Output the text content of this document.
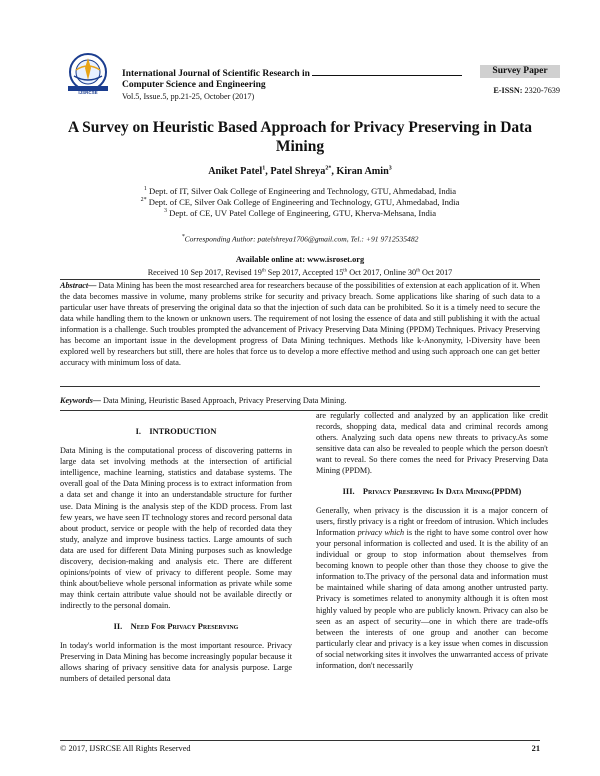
IJSRCSE
International Journal of Scientific Research in
Computer Science and Engineering
Vol.5, Issue.5, pp.21-25, October (2017)
Survey Paper
E-ISSN: 2320-7639
A Survey on Heuristic Based Approach for Privacy Preserving in Data
Mining
Aniket Patel$^1$, Patel Shreya$^{2*}$, Kiran Amin$^3$
$^1$ Dept. of IT, Silver Oak College of Engineering and Technology, GTU, Ahmedabad, India
$^{2*}$ Dept. of CE, Silver Oak College of Engineering and Technology, GTU, Ahmedabad, India
$^3$ Dept. of CE, UV Patel College of Engineering, GTU, Kherva-Mehsana, India
*Corresponding Author: patelshreya1706@gmail.com, Tel.: +91 9712535482
Available online at: www.isroset.org
Received 10 Sep 2017, Revised 19th Sep 2017, Accepted 15th Oct 2017, Online 30th Oct 2017
Abstract— Data Mining has been the most researched area for researchers because of the possibilities of extension at each application of it. When the data becomes massive in volume, many problems strike for security and privacy breach. Some applications like sharing of such data to a particular user have threats of preserving the original data so that the injection of such data can be prohibited. So it is a timely need to secure the data while handling them to the known or unknown users. The requirement of not losing the essence of data and still publishing it with the actual information is a challenge. Such troubles prompted the advancement of Privacy Preserving Data Mining (PPDM) Techniques. Privacy Preserving has become an important issue in the development progress of Data Mining techniques. Methods like k-Anonymity, l-Diversity have been explored well by researchers but still, there are holes that force us to develop a more effective method and using such approach one can get better accuracy with minimum loss of data.
Keywords— Data Mining, Heuristic Based Approach, Privacy Preserving Data Mining.
I. INTRODUCTION
Data Mining is the computational process of discovering patterns in large data set involving methods at the intersection of artificial intelligence, machine learning, statistics and database systems. The overall goal of the Data Mining process is to extract information from a data set and change it into an understandable structure for further use. Data Mining is the analysis step of the KDD process. From last few years, we have seen IT technology stores and record personal data about product, service or people with the help of recorded data they study, analyze and improve business tactics. Large amounts of such data are used for different Data Mining purposes such as knowledge discovery, decision-making and analysis etc. There are different opinions/points of view of privacy to different people. Some may think about/believe whole personal information as private while some may think certain attribute value should not be available directly or indirectly to the personal domain.
II. Need For Privacy Preserving
In today's world information is the most important resource. Privacy Preserving in Data Mining has become increasingly popular because it allows sharing of privacy sensitive data for analysis purpose. Large numbers of detailed personal data
are regularly collected and analyzed by an application like credit records, shopping data, medical data and criminal records among others. Analyzing such data opens new threats to privacy.As some sensitive data can also be revealed to people which the person doesn't want to reveal. So there comes the need for Privacy Preserving Data Mining (PPDM).
III. Privacy Preserving In Data Mining(PPDM)
Generally, when privacy is the discussion it is a major concern of users, firstly privacy is a right or freedom of intrusion. Which includes Information privacy which is the right to have some control over how your personal information is collected and used. It is the ability of an individual or group to stop information about themselves from becoming known to people other than those they choose to give the information to.The privacy of the personal data and information must be maintained while sharing of data among another untrusted party. Privacy is sometimes related to anonymity although it is often most highly valued by people who are publicly known. Privacy can also be seen as an aspect of security—one in which there are trade-offs between the interests of one group and another can become particularly clear and privacy is a key issue when comes in discussion of social networking sites it involves the unwarranted access of private information, don't necessarily
© 2017, IJSRCSE All Rights Reserved	21
